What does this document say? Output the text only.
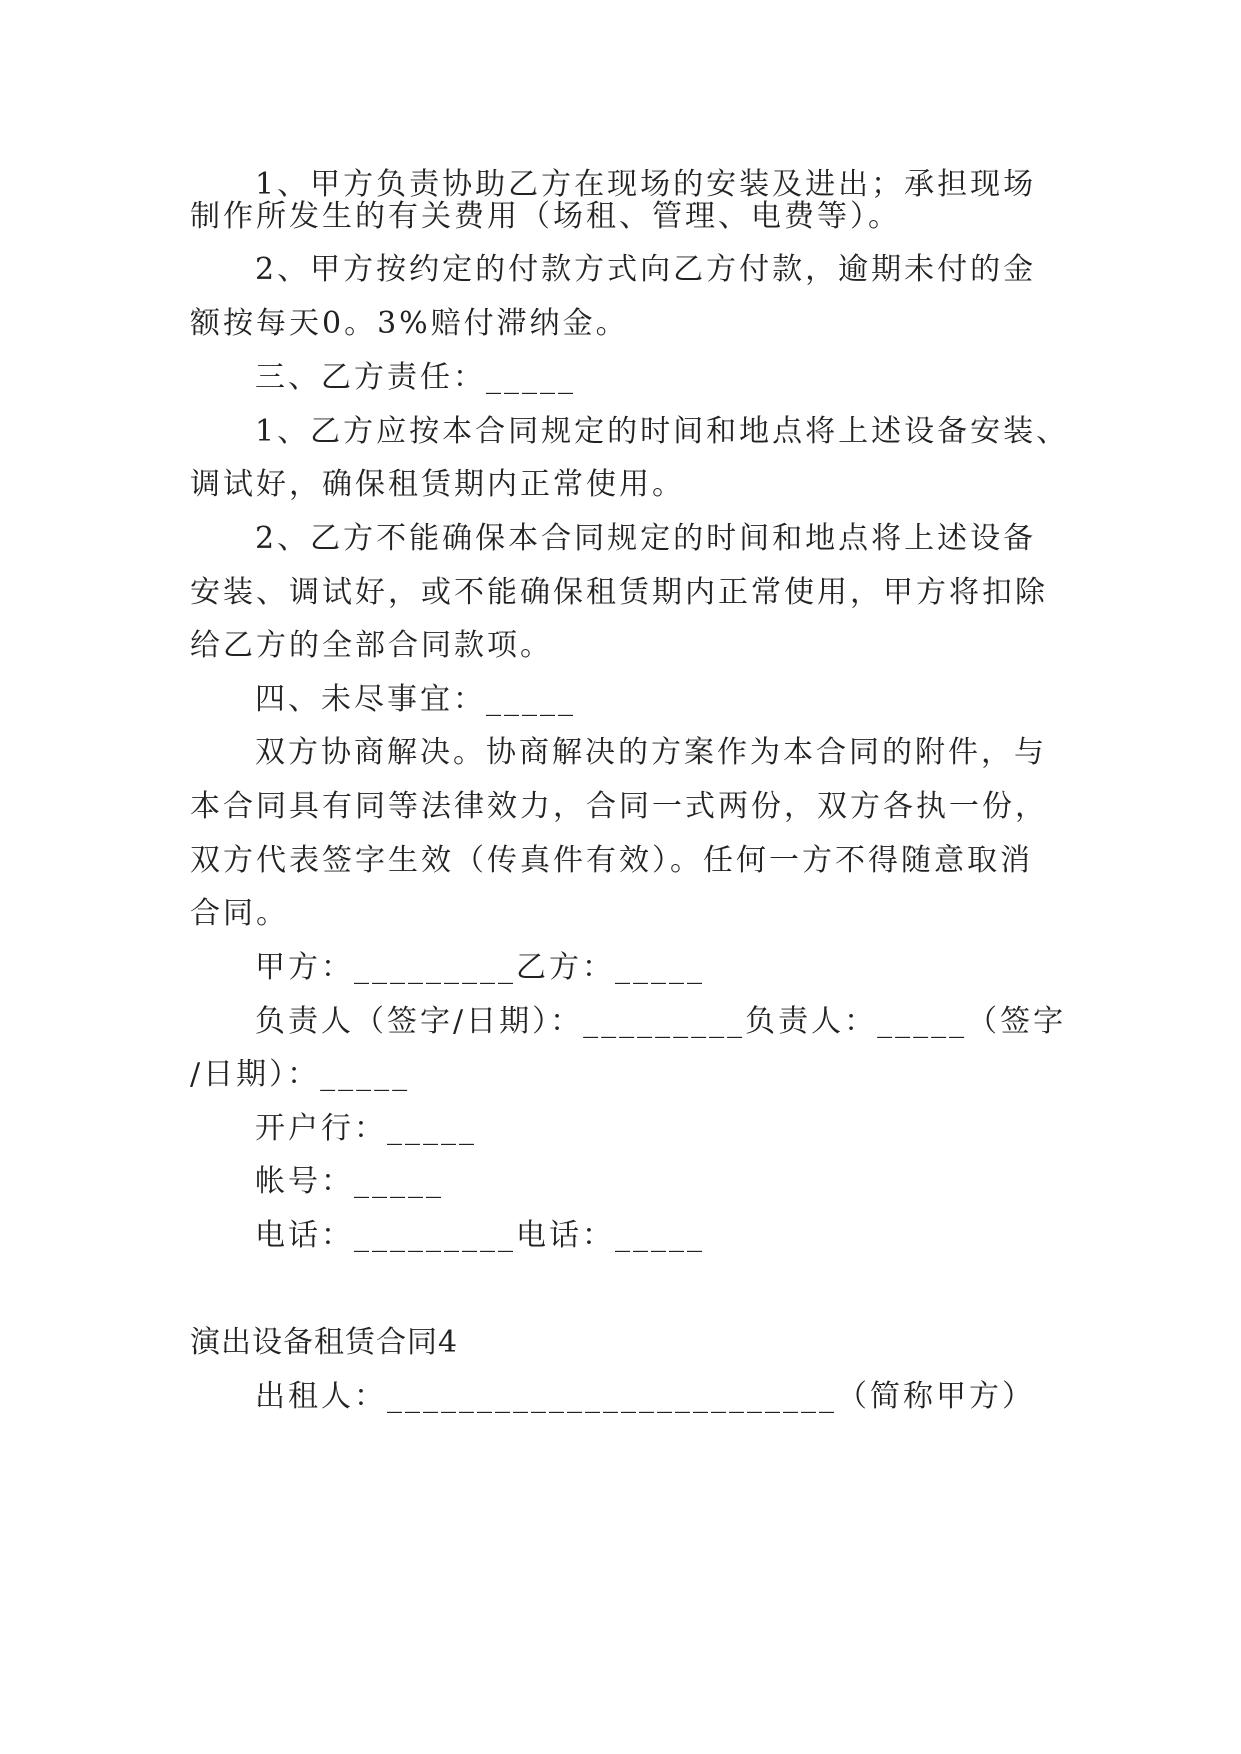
1、甲方负责协助乙方在现场的安装及进出；承担现场
制作所发生的有关费用（场租、管理、电费等）。
2、甲方按约定的付款方式向乙方付款，逾期未付的金
额按每天0。3%赔付滞纳金。
三、乙方责任：_____
1、乙方应按本合同规定的时间和地点将上述设备安装、
调试好，确保租赁期内正常使用。
2、乙方不能确保本合同规定的时间和地点将上述设备
安装、调试好，或不能确保租赁期内正常使用，甲方将扣除
给乙方的全部合同款项。
四、未尽事宜：_____
双方协商解决。协商解决的方案作为本合同的附件，与
本合同具有同等法律效力，合同一式两份，双方各执一份，
双方代表签字生效（传真件有效）。任何一方不得随意取消
合同。
甲方：_________乙方：_____
负责人（签字/日期）：_________负责人：_____（签字
/日期）：_____
开户行：_____
帐号：_____
电话：_________电话：_____
演出设备租赁合同4
出租人：_________________________（简称甲方）
